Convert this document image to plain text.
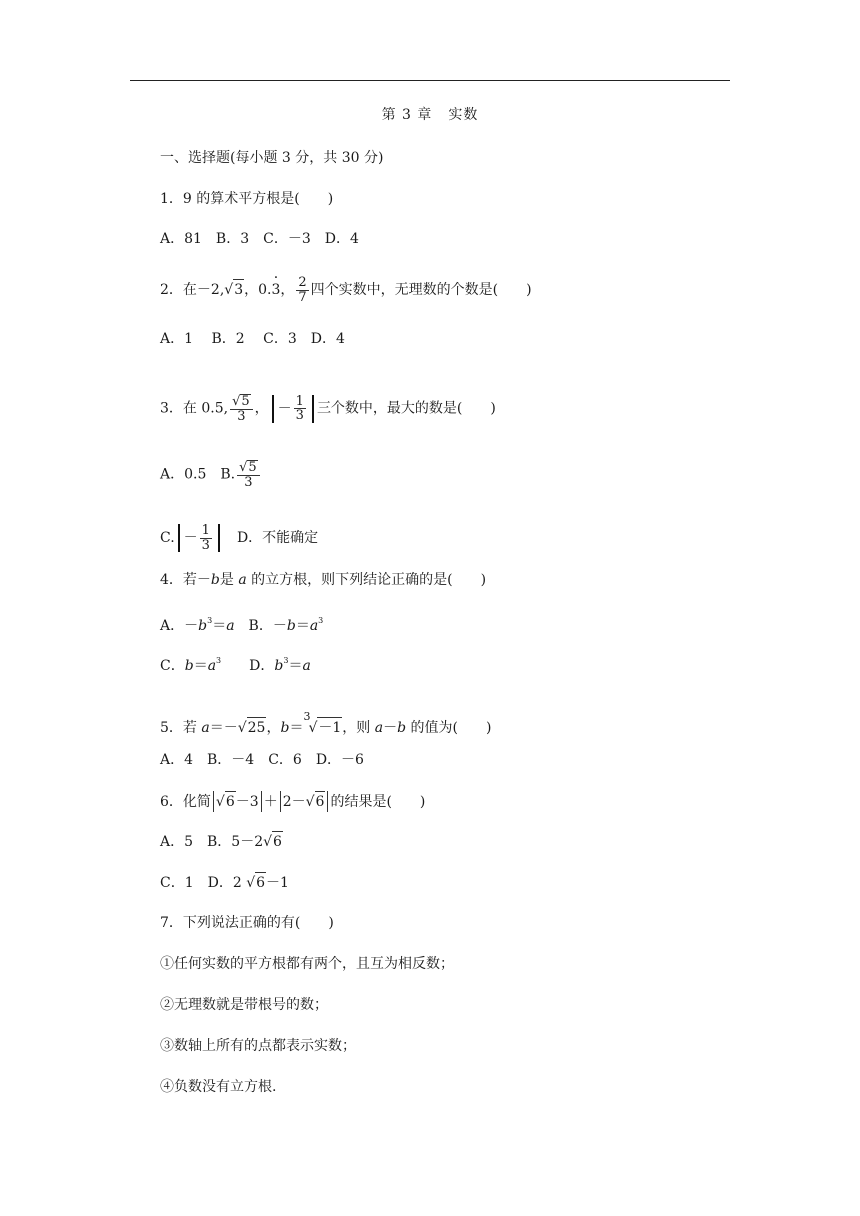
第 3 章 实数
一、选择题(每小题 3 分，共 30 分)
1．9 的算术平方根是(　　)
A．81　B．3　C．－3　D．4
2．在－2,√3，0.· 3， $\frac{2}{7}$ 四个实数中，无理数的个数是(　　)
A．1　 B．2　 C．3　D．4
3．在 0.5, $\frac{√5}{3}$ ， － $\frac{1}{3}$ 三个数中，最大的数是(　　)
A．0.5　B. $\frac{√5}{3}$
C. － $\frac{1}{3}$ D．不能确定
4．若－b是 a 的立方根，则下列结论正确的是(　　)
A．$-b^3=a$　B．$-b=a^3$
C．$b=a^3$　　D．$b^3=a$
5．若 a＝－√25，b＝$^3$√－1，则 a－b 的值为(　　)
A．4　B．－4　C．6　D．－6
6．化简 √6－3 ＋ 2－√6 的结果是(　　)
A．5　B．5－2√6
C．1　D．2 √6－1
7．下列说法正确的有(　　)
①任何实数的平方根都有两个，且互为相反数；
②无理数就是带根号的数；
③数轴上所有的点都表示实数；
④负数没有立方根.
